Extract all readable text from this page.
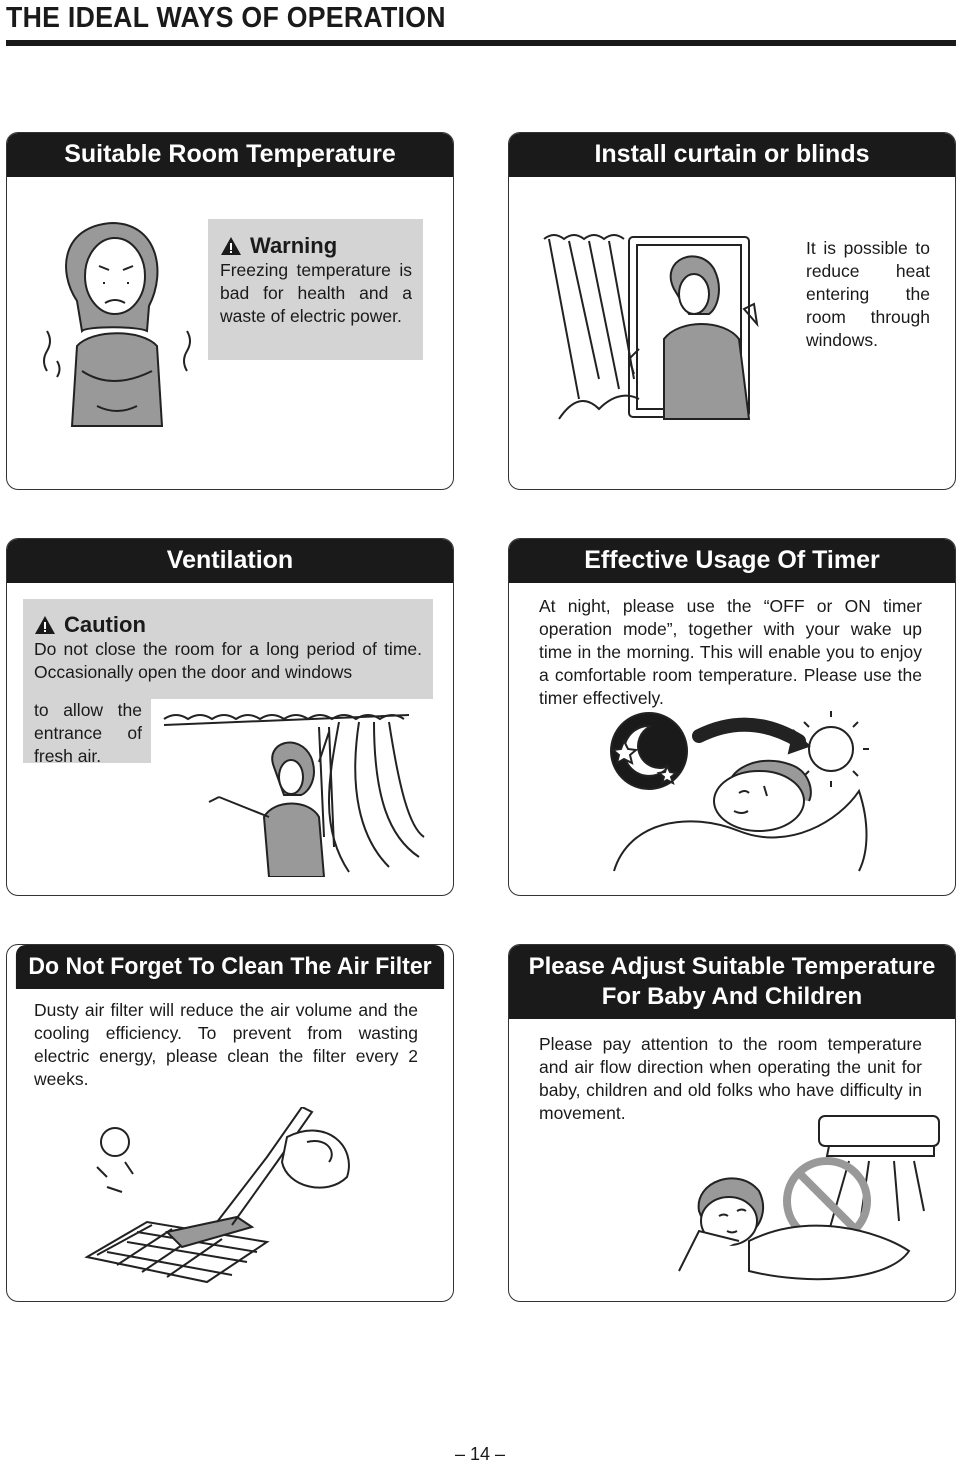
THE IDEAL WAYS OF OPERATION
Suitable Room Temperature
Warning
Freezing temperature is bad for health and a waste of electric power.
Install curtain or blinds
It is possible to reduce heat entering the room through windows.
Ventilation
Caution
Do not close the room for a long period of time. Occasionally open the door and windows
to allow the entrance of fresh air.
Effective Usage Of Timer
At night, please use the “OFF or ON timer operation mode”, together with your wake up time in the morning. This will enable you to enjoy a comfortable room temperature. Please use the timer effectively.
Do Not Forget To Clean The Air Filter
Dusty air filter will reduce the air volume and the cooling efficiency. To prevent from wasting electric energy, please clean the filter every 2 weeks.
Please Adjust Suitable Temperature
For Baby And Children
Please pay attention to the room temperature and air flow direction when operating the unit for baby, children and old folks who have difficulty in movement.
– 14 –
